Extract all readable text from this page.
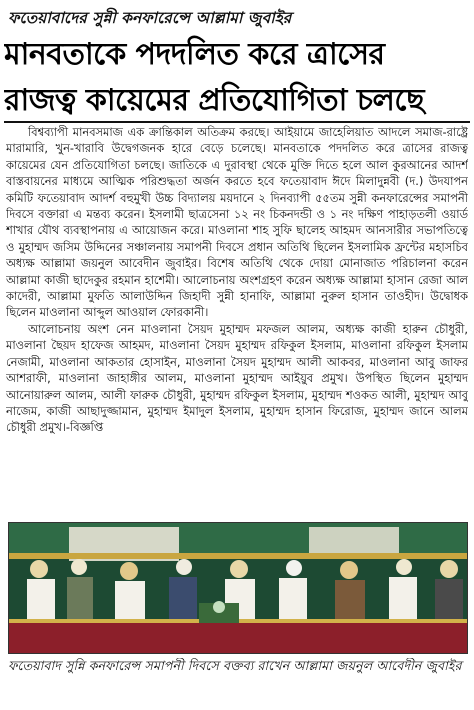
ফতেয়াবাদের সুন্নী কনফারেন্সে আল্লামা জুবাইর
মানবতাকে পদদলিত করে ত্রাসের
রাজত্ব কায়েমের প্রতিযোগিতা চলছে

বিশ্বব্যাপী মানবসমাজ এক ক্রান্তিকাল অতিক্রম করছে। আইয়ামে জাহেলিয়াত আদলে সমাজ-রাষ্ট্রে মারামারি, খুন-খারাবি উদ্বেগজনক হারে বেড়ে চলেছে। মানবতাকে পদদলিত করে ত্রাসের রাজত্ব কায়েমের যেন প্রতিযোগিতা চলছে। জাতিকে এ দুরাবস্থা থেকে মুক্তি দিতে হলে আল কুরআনের আদর্শ বাস্তবায়নের মাধ্যমে আত্মিক পরিশুদ্ধতা অর্জন করতে হবে ফতেয়াবাদ ঈদে মিলাদুন্নবী (দ.) উদযাপন কমিটি ফতেয়াবাদ আদর্শ বহুমুখী উচ্চ বিদ্যালয় ময়দানে ২ দিনব্যাপী ৫৫তম সুন্নী কনফারেন্সের সমাপনী দিবসে বক্তারা এ মন্তব্য করেন। ইসলামী ছাত্রসেনা ১২ নং চিকনদন্ডী ও ১ নং দক্ষিণ পাহাড়তলী ওয়ার্ড শাখার যৌথ ব্যবস্থাপনায় এ আয়োজন করে। মাওলানা শাহ সুফি ছালেহ আহমদ আনসারীর সভাপতিত্বে ও মুহাম্মদ জসিম উদ্দিনের সঞ্চালনায় সমাপনী দিবসে প্রধান অতিথি ছিলেন ইসলামিক ফ্রন্টের মহাসচিব অধ্যক্ষ আল্লামা জয়নুল আবেদীন জুবাইর। বিশেষ অতিথি থেকে দোয়া মোনাজাত পরিচালনা করেন আল্লামা কাজী ছাদেকুর রহমান হাশেমী। আলোচনায় অংশগ্রহণ করেন অধ্যক্ষ আল্লামা হাসান রেজা আল কাদেরী, আল্লামা মুফতি আলাউদ্দিন জিহাদী সুন্নী হানাফি, আল্লামা নুরুল হাসান তাওহীদ। উদ্বোধক ছিলেন মাওলানা আব্দুল আওয়াল ফোরকানী।

আলোচনায় অংশ নেন মাওলানা সৈয়দ মুহাম্মদ মফজল আলম, অধ্যক্ষ কাজী হারুন চৌধুরী, মাওলানা ছৈয়দ হাফেজ আহমদ, মাওলানা সৈয়দ মুহাম্মদ রফিকুল ইসলাম, মাওলানা রফিকুল ইসলাম নেজামী, মাওলানা আকতার হোসাইন, মাওলানা সৈয়দ মুহাম্মদ আলী আকবর, মাওলানা আবু জাফর আশরাফী, মাওলানা জাহাঙ্গীর আলম, মাওলানা মুহাম্মদ আইয়ুব প্রমুখ। উপস্থিত ছিলেন মুহাম্মদ আনোয়ারুল আলম, আলী ফারুক চৌধুরী, মুহাম্মদ রফিকুল ইসলাম, মুহাম্মদ শওকত আলী, মুহাম্মদ আবু নাজেম, কাজী আছাদুজ্জামান, মুহাম্মদ ইমাদুল ইসলাম, মুহাম্মদ হাসান ফিরোজ, মুহাম্মদ জানে আলম চৌধুরী প্রমুখ।-বিজ্ঞপ্তি

ফতেয়াবাদ সুন্নি কনফারেন্স সমাপনী দিবসে বক্তব্য রাখেন আল্লামা জয়নুল আবেদীন জুবাইর
